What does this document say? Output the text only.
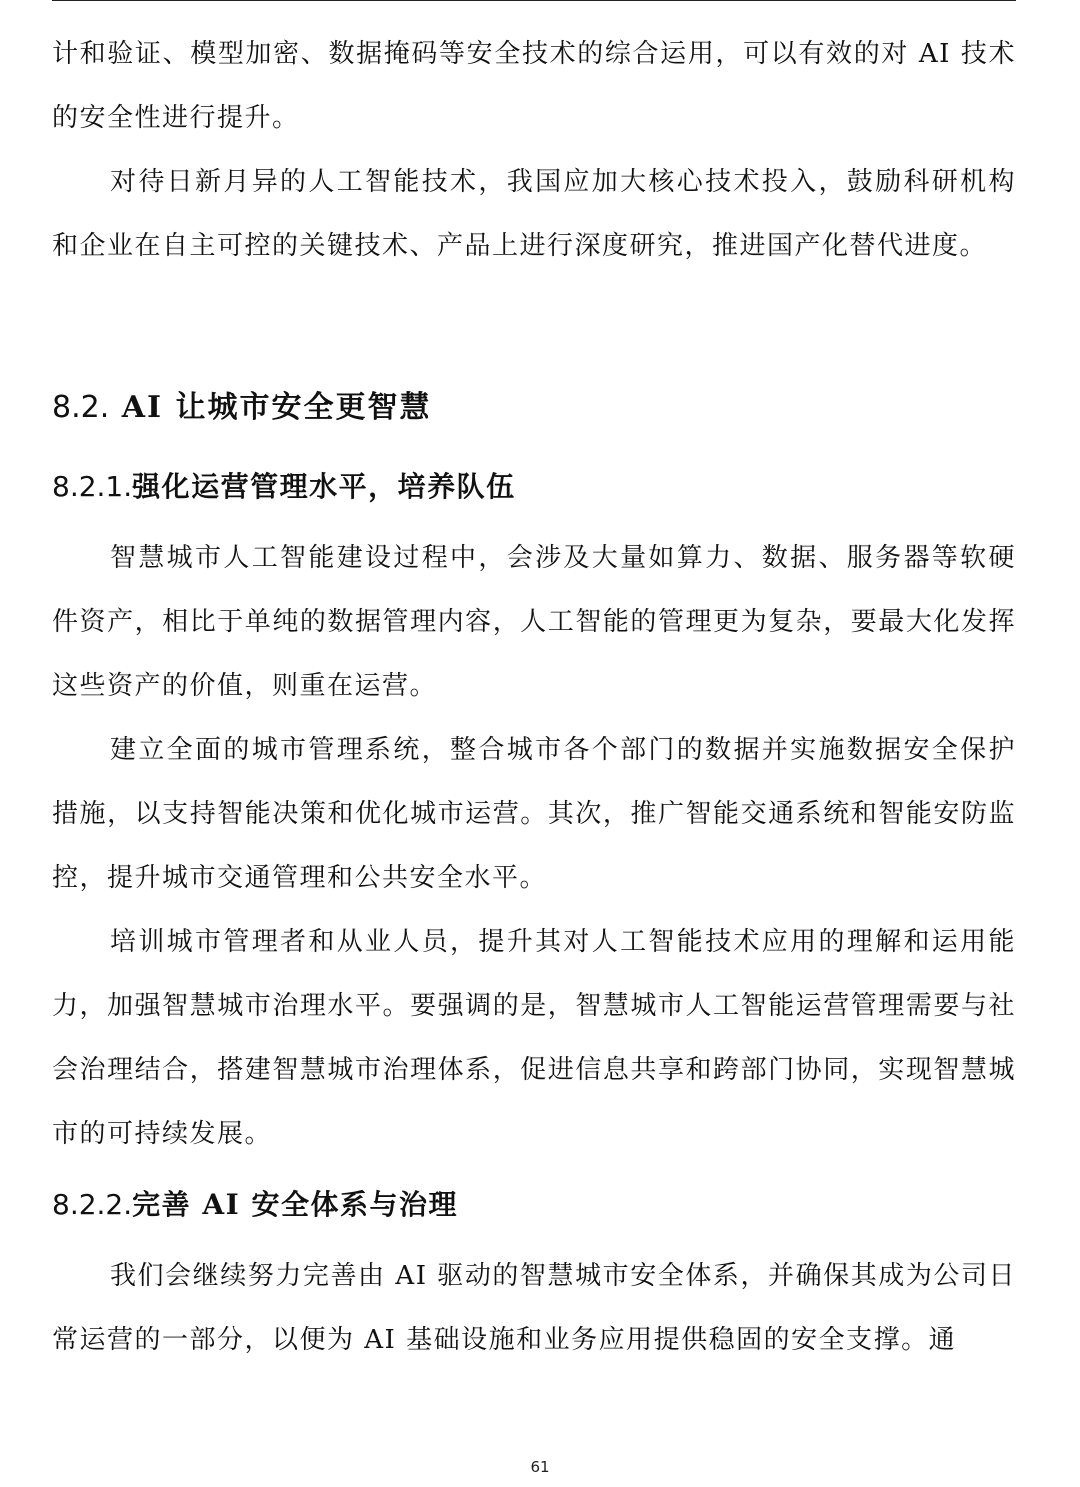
计和验证、模型加密、数据掩码等安全技术的综合运用，可以有效的对 AI 技术的安全性进行提升。

对待日新月异的人工智能技术，我国应加大核心技术投入，鼓励科研机构和企业在自主可控的关键技术、产品上进行深度研究，推进国产化替代进度。

8.2. AI 让城市安全更智慧
8.2.1.强化运营管理水平，培养队伍

智慧城市人工智能建设过程中，会涉及大量如算力、数据、服务器等软硬件资产，相比于单纯的数据管理内容，人工智能的管理更为复杂，要最大化发挥这些资产的价值，则重在运营。

建立全面的城市管理系统，整合城市各个部门的数据并实施数据安全保护措施，以支持智能决策和优化城市运营。其次，推广智能交通系统和智能安防监控，提升城市交通管理和公共安全水平。

培训城市管理者和从业人员，提升其对人工智能技术应用的理解和运用能力，加强智慧城市治理水平。要强调的是，智慧城市人工智能运营管理需要与社会治理结合，搭建智慧城市治理体系，促进信息共享和跨部门协同，实现智慧城市的可持续发展。

8.2.2.完善 AI 安全体系与治理

我们会继续努力完善由 AI 驱动的智慧城市安全体系，并确保其成为公司日常运营的一部分，以便为 AI 基础设施和业务应用提供稳固的安全支撑。通

61
